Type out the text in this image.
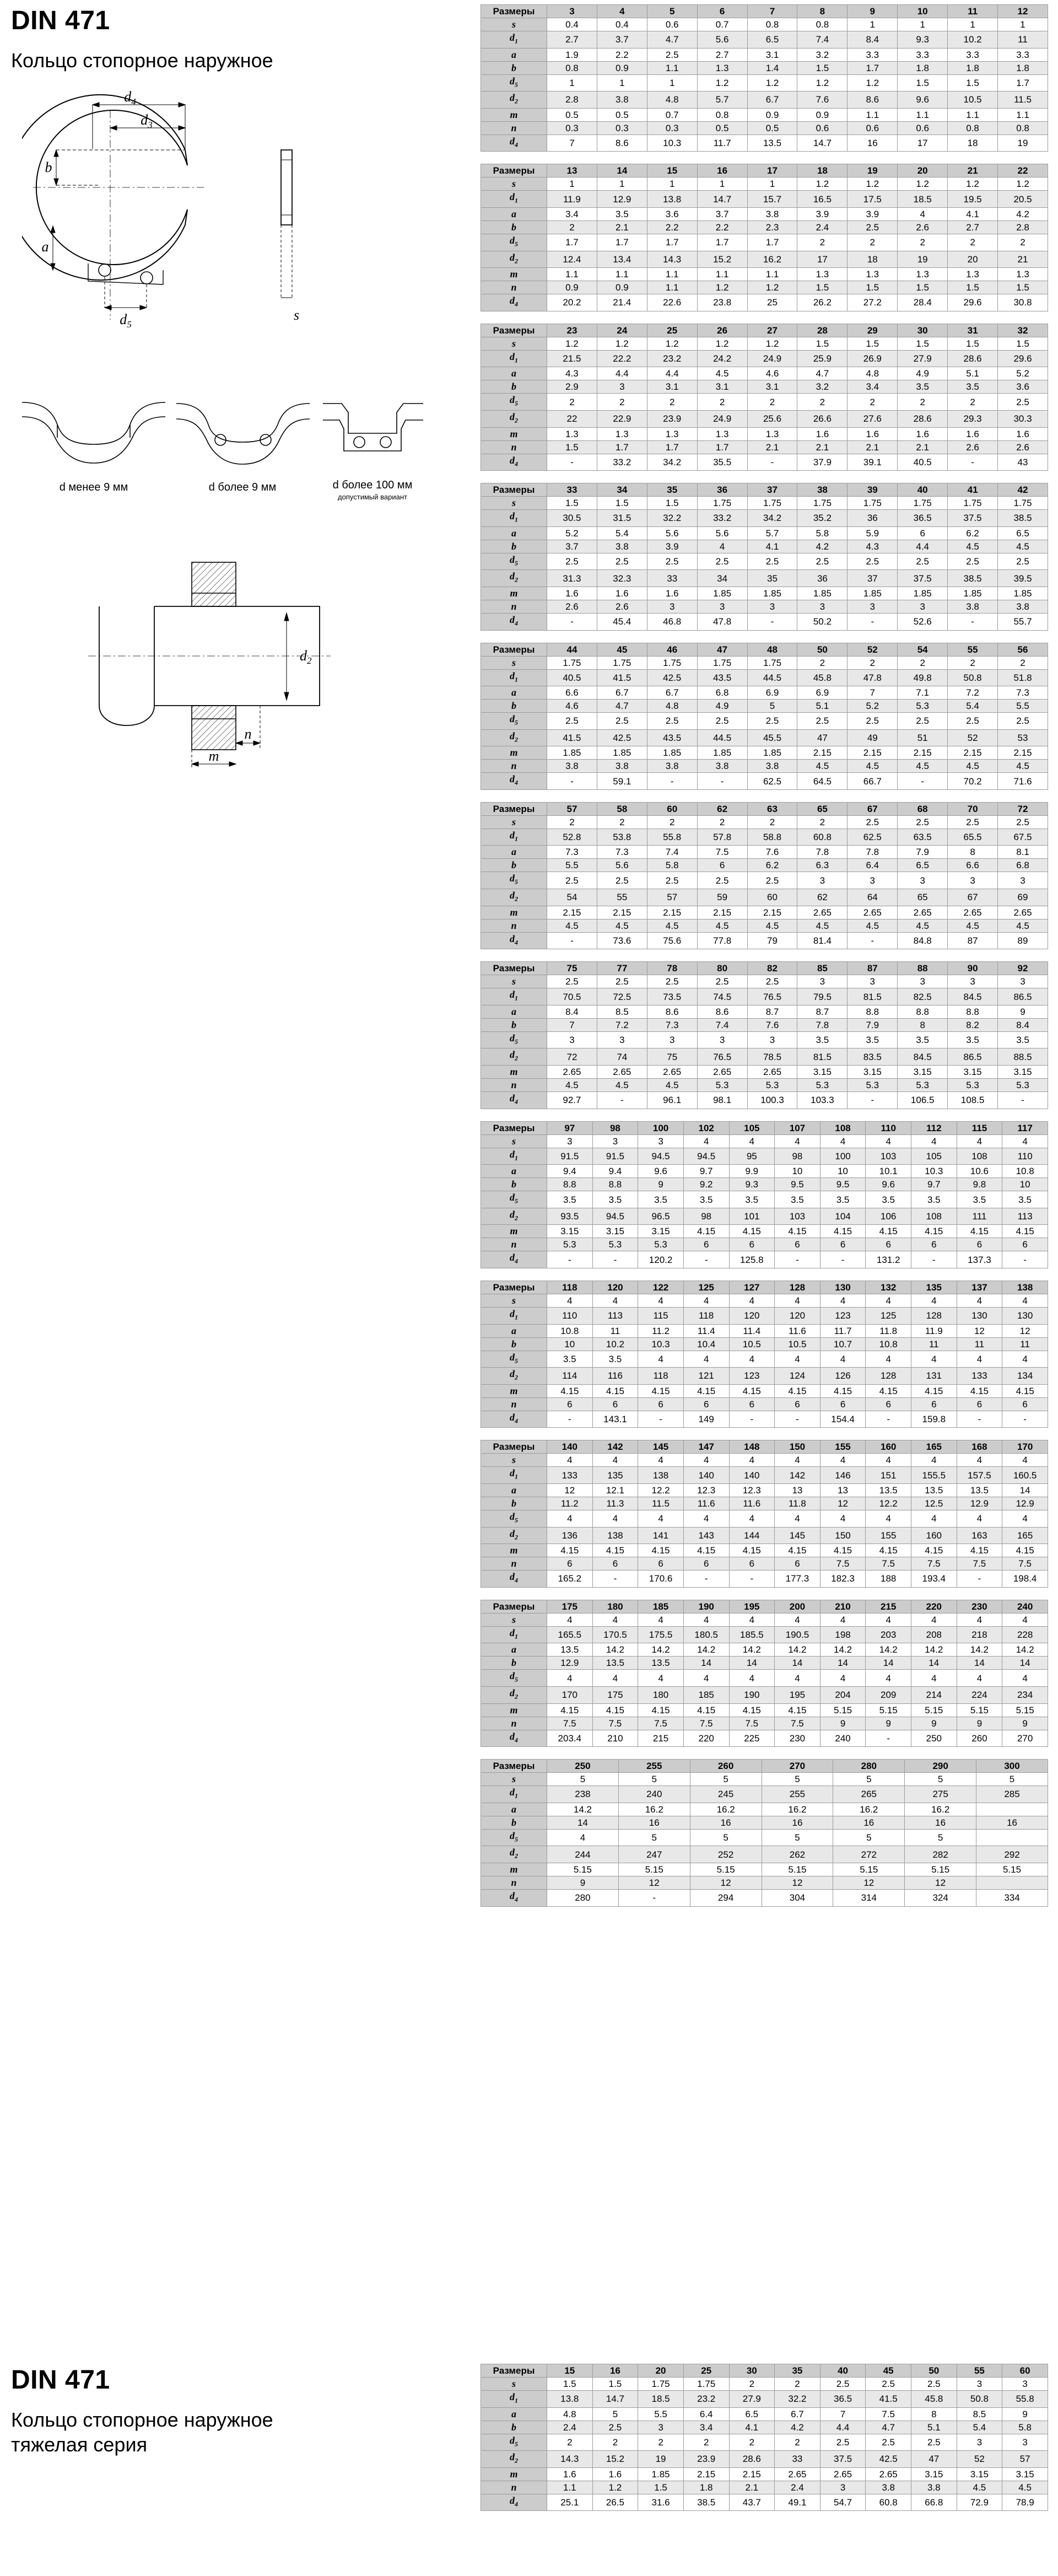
DIN 471
Кольцо стопорное наружное
$d_4$
$d_3$
b
a
$d_5$
s
d менее 9 мм	d более 9 мм	d более 100 мм
допустимый вариант
$d_2$
n
m
DIN 471
Кольцо стопорное наружное
тяжелая серия
Размеры	3	4	5	6	7	8	9	10	11	12
s	0.4	0.4	0.6	0.7	0.8	0.8	1	1	1	1
$d_1$	2.7	3.7	4.7	5.6	6.5	7.4	8.4	9.3	10.2	11
a	1.9	2.2	2.5	2.7	3.1	3.2	3.3	3.3	3.3	3.3
b	0.8	0.9	1.1	1.3	1.4	1.5	1.7	1.8	1.8	1.8
$d_5$	1	1	1	1.2	1.2	1.2	1.2	1.5	1.5	1.7
$d_2$	2.8	3.8	4.8	5.7	6.7	7.6	8.6	9.6	10.5	11.5
m	0.5	0.5	0.7	0.8	0.9	0.9	1.1	1.1	1.1	1.1
n	0.3	0.3	0.3	0.5	0.5	0.6	0.6	0.6	0.8	0.8
$d_4$	7	8.6	10.3	11.7	13.5	14.7	16	17	18	19
Размеры	13	14	15	16	17	18	19	20	21	22
s	1	1	1	1	1	1.2	1.2	1.2	1.2	1.2
$d_1$	11.9	12.9	13.8	14.7	15.7	16.5	17.5	18.5	19.5	20.5
a	3.4	3.5	3.6	3.7	3.8	3.9	3.9	4	4.1	4.2
b	2	2.1	2.2	2.2	2.3	2.4	2.5	2.6	2.7	2.8
$d_5$	1.7	1.7	1.7	1.7	1.7	2	2	2	2	2
$d_2$	12.4	13.4	14.3	15.2	16.2	17	18	19	20	21
m	1.1	1.1	1.1	1.1	1.1	1.3	1.3	1.3	1.3	1.3
n	0.9	0.9	1.1	1.2	1.2	1.5	1.5	1.5	1.5	1.5
$d_4$	20.2	21.4	22.6	23.8	25	26.2	27.2	28.4	29.6	30.8
Размеры	23	24	25	26	27	28	29	30	31	32
s	1.2	1.2	1.2	1.2	1.2	1.5	1.5	1.5	1.5	1.5
$d_1$	21.5	22.2	23.2	24.2	24.9	25.9	26.9	27.9	28.6	29.6
a	4.3	4.4	4.4	4.5	4.6	4.7	4.8	4.9	5.1	5.2
b	2.9	3	3.1	3.1	3.1	3.2	3.4	3.5	3.5	3.6
$d_5$	2	2	2	2	2	2	2	2	2	2.5
$d_2$	22	22.9	23.9	24.9	25.6	26.6	27.6	28.6	29.3	30.3
m	1.3	1.3	1.3	1.3	1.3	1.6	1.6	1.6	1.6	1.6
n	1.5	1.7	1.7	1.7	2.1	2.1	2.1	2.1	2.6	2.6
$d_4$	-	33.2	34.2	35.5	-	37.9	39.1	40.5	-	43
Размеры	33	34	35	36	37	38	39	40	41	42
s	1.5	1.5	1.5	1.75	1.75	1.75	1.75	1.75	1.75	1.75
$d_1$	30.5	31.5	32.2	33.2	34.2	35.2	36	36.5	37.5	38.5
a	5.2	5.4	5.6	5.6	5.7	5.8	5.9	6	6.2	6.5
b	3.7	3.8	3.9	4	4.1	4.2	4.3	4.4	4.5	4.5
$d_5$	2.5	2.5	2.5	2.5	2.5	2.5	2.5	2.5	2.5	2.5
$d_2$	31.3	32.3	33	34	35	36	37	37.5	38.5	39.5
m	1.6	1.6	1.6	1.85	1.85	1.85	1.85	1.85	1.85	1.85
n	2.6	2.6	3	3	3	3	3	3	3.8	3.8
$d_4$	-	45.4	46.8	47.8	-	50.2	-	52.6	-	55.7
Размеры	44	45	46	47	48	50	52	54	55	56
s	1.75	1.75	1.75	1.75	1.75	2	2	2	2	2
$d_1$	40.5	41.5	42.5	43.5	44.5	45.8	47.8	49.8	50.8	51.8
a	6.6	6.7	6.7	6.8	6.9	6.9	7	7.1	7.2	7.3
b	4.6	4.7	4.8	4.9	5	5.1	5.2	5.3	5.4	5.5
$d_5$	2.5	2.5	2.5	2.5	2.5	2.5	2.5	2.5	2.5	2.5
$d_2$	41.5	42.5	43.5	44.5	45.5	47	49	51	52	53
m	1.85	1.85	1.85	1.85	1.85	2.15	2.15	2.15	2.15	2.15
n	3.8	3.8	3.8	3.8	3.8	4.5	4.5	4.5	4.5	4.5
$d_4$	-	59.1	-	-	62.5	64.5	66.7	-	70.2	71.6
Размеры	57	58	60	62	63	65	67	68	70	72
s	2	2	2	2	2	2	2.5	2.5	2.5	2.5
$d_1$	52.8	53.8	55.8	57.8	58.8	60.8	62.5	63.5	65.5	67.5
a	7.3	7.3	7.4	7.5	7.6	7.8	7.8	7.9	8	8.1
b	5.5	5.6	5.8	6	6.2	6.3	6.4	6.5	6.6	6.8
$d_5$	2.5	2.5	2.5	2.5	2.5	3	3	3	3	3
$d_2$	54	55	57	59	60	62	64	65	67	69
m	2.15	2.15	2.15	2.15	2.15	2.65	2.65	2.65	2.65	2.65
n	4.5	4.5	4.5	4.5	4.5	4.5	4.5	4.5	4.5	4.5
$d_4$	-	73.6	75.6	77.8	79	81.4	-	84.8	87	89
Размеры	75	77	78	80	82	85	87	88	90	92
s	2.5	2.5	2.5	2.5	2.5	3	3	3	3	3
$d_1$	70.5	72.5	73.5	74.5	76.5	79.5	81.5	82.5	84.5	86.5
a	8.4	8.5	8.6	8.6	8.7	8.7	8.8	8.8	8.8	9
b	7	7.2	7.3	7.4	7.6	7.8	7.9	8	8.2	8.4
$d_5$	3	3	3	3	3	3.5	3.5	3.5	3.5	3.5
$d_2$	72	74	75	76.5	78.5	81.5	83.5	84.5	86.5	88.5
m	2.65	2.65	2.65	2.65	2.65	3.15	3.15	3.15	3.15	3.15
n	4.5	4.5	4.5	5.3	5.3	5.3	5.3	5.3	5.3	5.3
$d_4$	92.7	-	96.1	98.1	100.3	103.3	-	106.5	108.5	-
Размеры	97	98	100	102	105	107	108	110	112	115	117
s	3	3	3	4	4	4	4	4	4	4	4
$d_1$	91.5	91.5	94.5	94.5	95	98	100	103	105	108	110
a	9.4	9.4	9.6	9.7	9.9	10	10	10.1	10.3	10.6	10.8
b	8.8	8.8	9	9.2	9.3	9.5	9.5	9.6	9.7	9.8	10
$d_5$	3.5	3.5	3.5	3.5	3.5	3.5	3.5	3.5	3.5	3.5	3.5
$d_2$	93.5	94.5	96.5	98	101	103	104	106	108	111	113
m	3.15	3.15	3.15	4.15	4.15	4.15	4.15	4.15	4.15	4.15	4.15
n	5.3	5.3	5.3	6	6	6	6	6	6	6	6
$d_4$	-	-	120.2	-	125.8	-	-	131.2	-	137.3	-
Размеры	118	120	122	125	127	128	130	132	135	137	138
s	4	4	4	4	4	4	4	4	4	4	4
$d_1$	110	113	115	118	120	120	123	125	128	130	130
a	10.8	11	11.2	11.4	11.4	11.6	11.7	11.8	11.9	12	12
b	10	10.2	10.3	10.4	10.5	10.5	10.7	10.8	11	11	11
$d_5$	3.5	3.5	4	4	4	4	4	4	4	4	4
$d_2$	114	116	118	121	123	124	126	128	131	133	134
m	4.15	4.15	4.15	4.15	4.15	4.15	4.15	4.15	4.15	4.15	4.15
n	6	6	6	6	6	6	6	6	6	6	6
$d_4$	-	143.1	-	149	-	-	154.4	-	159.8	-	-
Размеры	140	142	145	147	148	150	155	160	165	168	170
s	4	4	4	4	4	4	4	4	4	4	4
$d_1$	133	135	138	140	140	142	146	151	155.5	157.5	160.5
a	12	12.1	12.2	12.3	12.3	13	13	13.5	13.5	13.5	14
b	11.2	11.3	11.5	11.6	11.6	11.8	12	12.2	12.5	12.9	12.9
$d_5$	4	4	4	4	4	4	4	4	4	4	4
$d_2$	136	138	141	143	144	145	150	155	160	163	165
m	4.15	4.15	4.15	4.15	4.15	4.15	4.15	4.15	4.15	4.15	4.15
n	6	6	6	6	6	6	7.5	7.5	7.5	7.5	7.5
$d_4$	165.2	-	170.6	-	-	177.3	182.3	188	193.4	-	198.4
Размеры	175	180	185	190	195	200	210	215	220	230	240
s	4	4	4	4	4	4	4	4	4	4	4
$d_1$	165.5	170.5	175.5	180.5	185.5	190.5	198	203	208	218	228
a	13.5	14.2	14.2	14.2	14.2	14.2	14.2	14.2	14.2	14.2	14.2
b	12.9	13.5	13.5	14	14	14	14	14	14	14	14
$d_5$	4	4	4	4	4	4	4	4	4	4	4
$d_2$	170	175	180	185	190	195	204	209	214	224	234
m	4.15	4.15	4.15	4.15	4.15	4.15	5.15	5.15	5.15	5.15	5.15
n	7.5	7.5	7.5	7.5	7.5	7.5	9	9	9	9	9
$d_4$	203.4	210	215	220	225	230	240	-	250	260	270
Размеры	250	255	260	270	280	290	300
s	5	5	5	5	5	5	5
$d_1$	238	240	245	255	265	275	285
a	14.2	16.2	16.2	16.2	16.2	16.2	
b	14	16	16	16	16	16	16
$d_5$	4	5	5	5	5	5	
$d_2$	244	247	252	262	272	282	292
m	5.15	5.15	5.15	5.15	5.15	5.15	5.15
n	9	12	12	12	12	12	
$d_4$	280	-	294	304	314	324	334
Размеры	15	16	20	25	30	35	40	45	50	55	60
s	1.5	1.5	1.75	1.75	2	2	2.5	2.5	2.5	3	3
$d_1$	13.8	14.7	18.5	23.2	27.9	32.2	36.5	41.5	45.8	50.8	55.8
a	4.8	5	5.5	6.4	6.5	6.7	7	7.5	8	8.5	9
b	2.4	2.5	3	3.4	4.1	4.2	4.4	4.7	5.1	5.4	5.8
$d_5$	2	2	2	2	2	2	2.5	2.5	2.5	3	3
$d_2$	14.3	15.2	19	23.9	28.6	33	37.5	42.5	47	52	57
m	1.6	1.6	1.85	2.15	2.15	2.65	2.65	2.65	3.15	3.15	3.15
n	1.1	1.2	1.5	1.8	2.1	2.4	3	3.8	3.8	4.5	4.5
$d_4$	25.1	26.5	31.6	38.5	43.7	49.1	54.7	60.8	66.8	72.9	78.9
